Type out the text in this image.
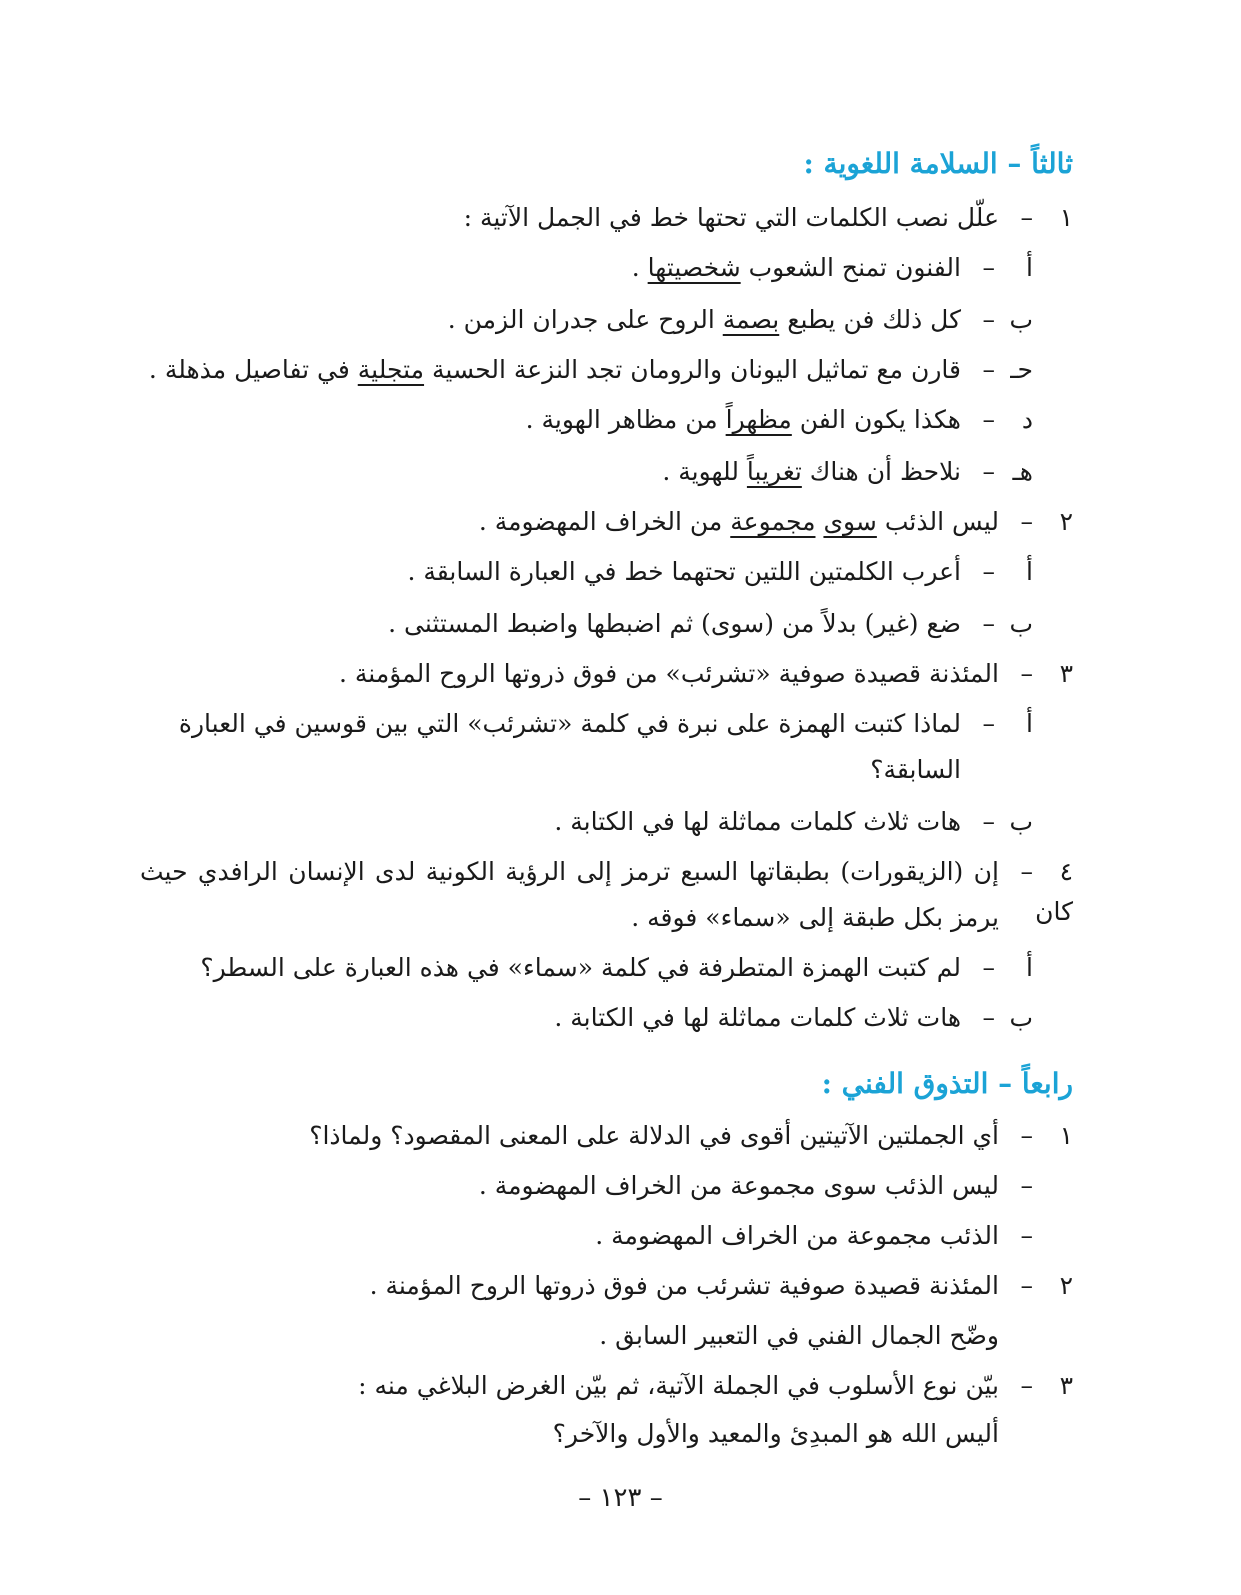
ثالثاً – السلامة اللغوية :
١–علّل نصب الكلمات التي تحتها خط في الجمل الآتية :
أ–الفنون تمنح الشعوب شخصيتها .
ب–كل ذلك فن يطبع بصمة الروح على جدران الزمن .
حـ–قارن مع تماثيل اليونان والرومان تجد النزعة الحسية متجلية في تفاصيل مذهلة .
د–هكذا يكون الفن مظهراً من مظاهر الهوية .
هـ–نلاحظ أن هناك تغريباً للهوية .
٢–ليس الذئب سوى مجموعة من الخراف المهضومة .
أ–أعرب الكلمتين اللتين تحتهما خط في العبارة السابقة .
ب–ضع (غير) بدلاً من (سوى) ثم اضبطها واضبط المستثنى .
٣–المئذنة قصيدة صوفية «تشرئب» من فوق ذروتها الروح المؤمنة .
أ–لماذا كتبت الهمزة على نبرة في كلمة «تشرئب» التي بين قوسين في العبارة
السابقة؟
ب–هات ثلاث كلمات مماثلة لها في الكتابة .
٤–إن (الزيقورات) بطبقاتها السبع ترمز إلى الرؤية الكونية لدى الإنسان الرافدي حيث كان
يرمز بكل طبقة إلى «سماء» فوقه .
أ–لم كتبت الهمزة المتطرفة في كلمة «سماء» في هذه العبارة على السطر؟
ب–هات ثلاث كلمات مماثلة لها في الكتابة .
رابعاً – التذوق الفني :
١–أي الجملتين الآتيتين أقوى في الدلالة على المعنى المقصود؟ ولماذا؟
–ليس الذئب سوى مجموعة من الخراف المهضومة .
–الذئب مجموعة من الخراف المهضومة .
٢–المئذنة قصيدة صوفية تشرئب من فوق ذروتها الروح المؤمنة .
وضّح الجمال الفني في التعبير السابق .
٣–بيّن نوع الأسلوب في الجملة الآتية، ثم بيّن الغرض البلاغي منه :
أليس الله هو المبدِئ والمعيد والأول والآخر؟
– ١٢٣ –
